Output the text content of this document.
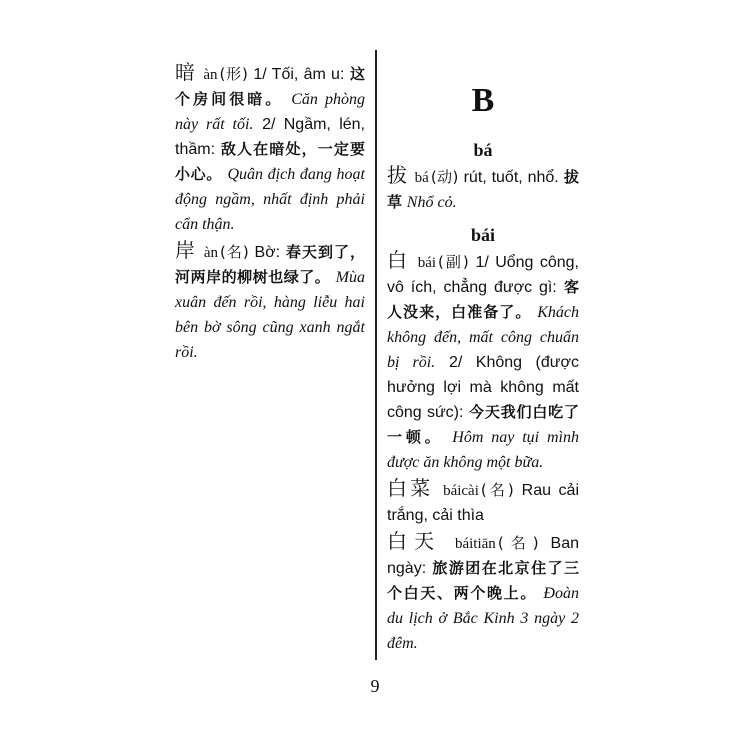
暗 àn (形) 1/ Tối, âm u: 这个房间很暗。 Căn phòng này rất tối. 2/ Ngầm, lén, thầm: 敌人在暗处，一定要小心。 Quân địch đang hoạt động ngầm, nhất định phải cẩn thận.

岸 àn (名) Bờ: 春天到了，河两岸的柳树也绿了。 Mùa xuân đến rồi, hàng liễu hai bên bờ sông cũng xanh ngắt rồi.

B
bá

拔 bá (动) rút, tuốt, nhổ. 拔草 Nhổ cỏ.

bái

白 bái (副) 1/ Uổng công, vô ích, chẳng được gì: 客人没来，白准备了。 Khách không đến, mất công chuẩn bị rồi. 2/ Không (được hưởng lợi mà không mất công sức): 今天我们白吃了一顿。 Hôm nay tụi mình được ăn không một bữa.

白菜 báicài (名) Rau cải trắng, cải thìa

白天 báitiān (名) Ban ngày: 旅游团在北京住了三个白天、两个晚上。 Đoàn du lịch ở Bắc Kinh 3 ngày 2 đêm.

9
